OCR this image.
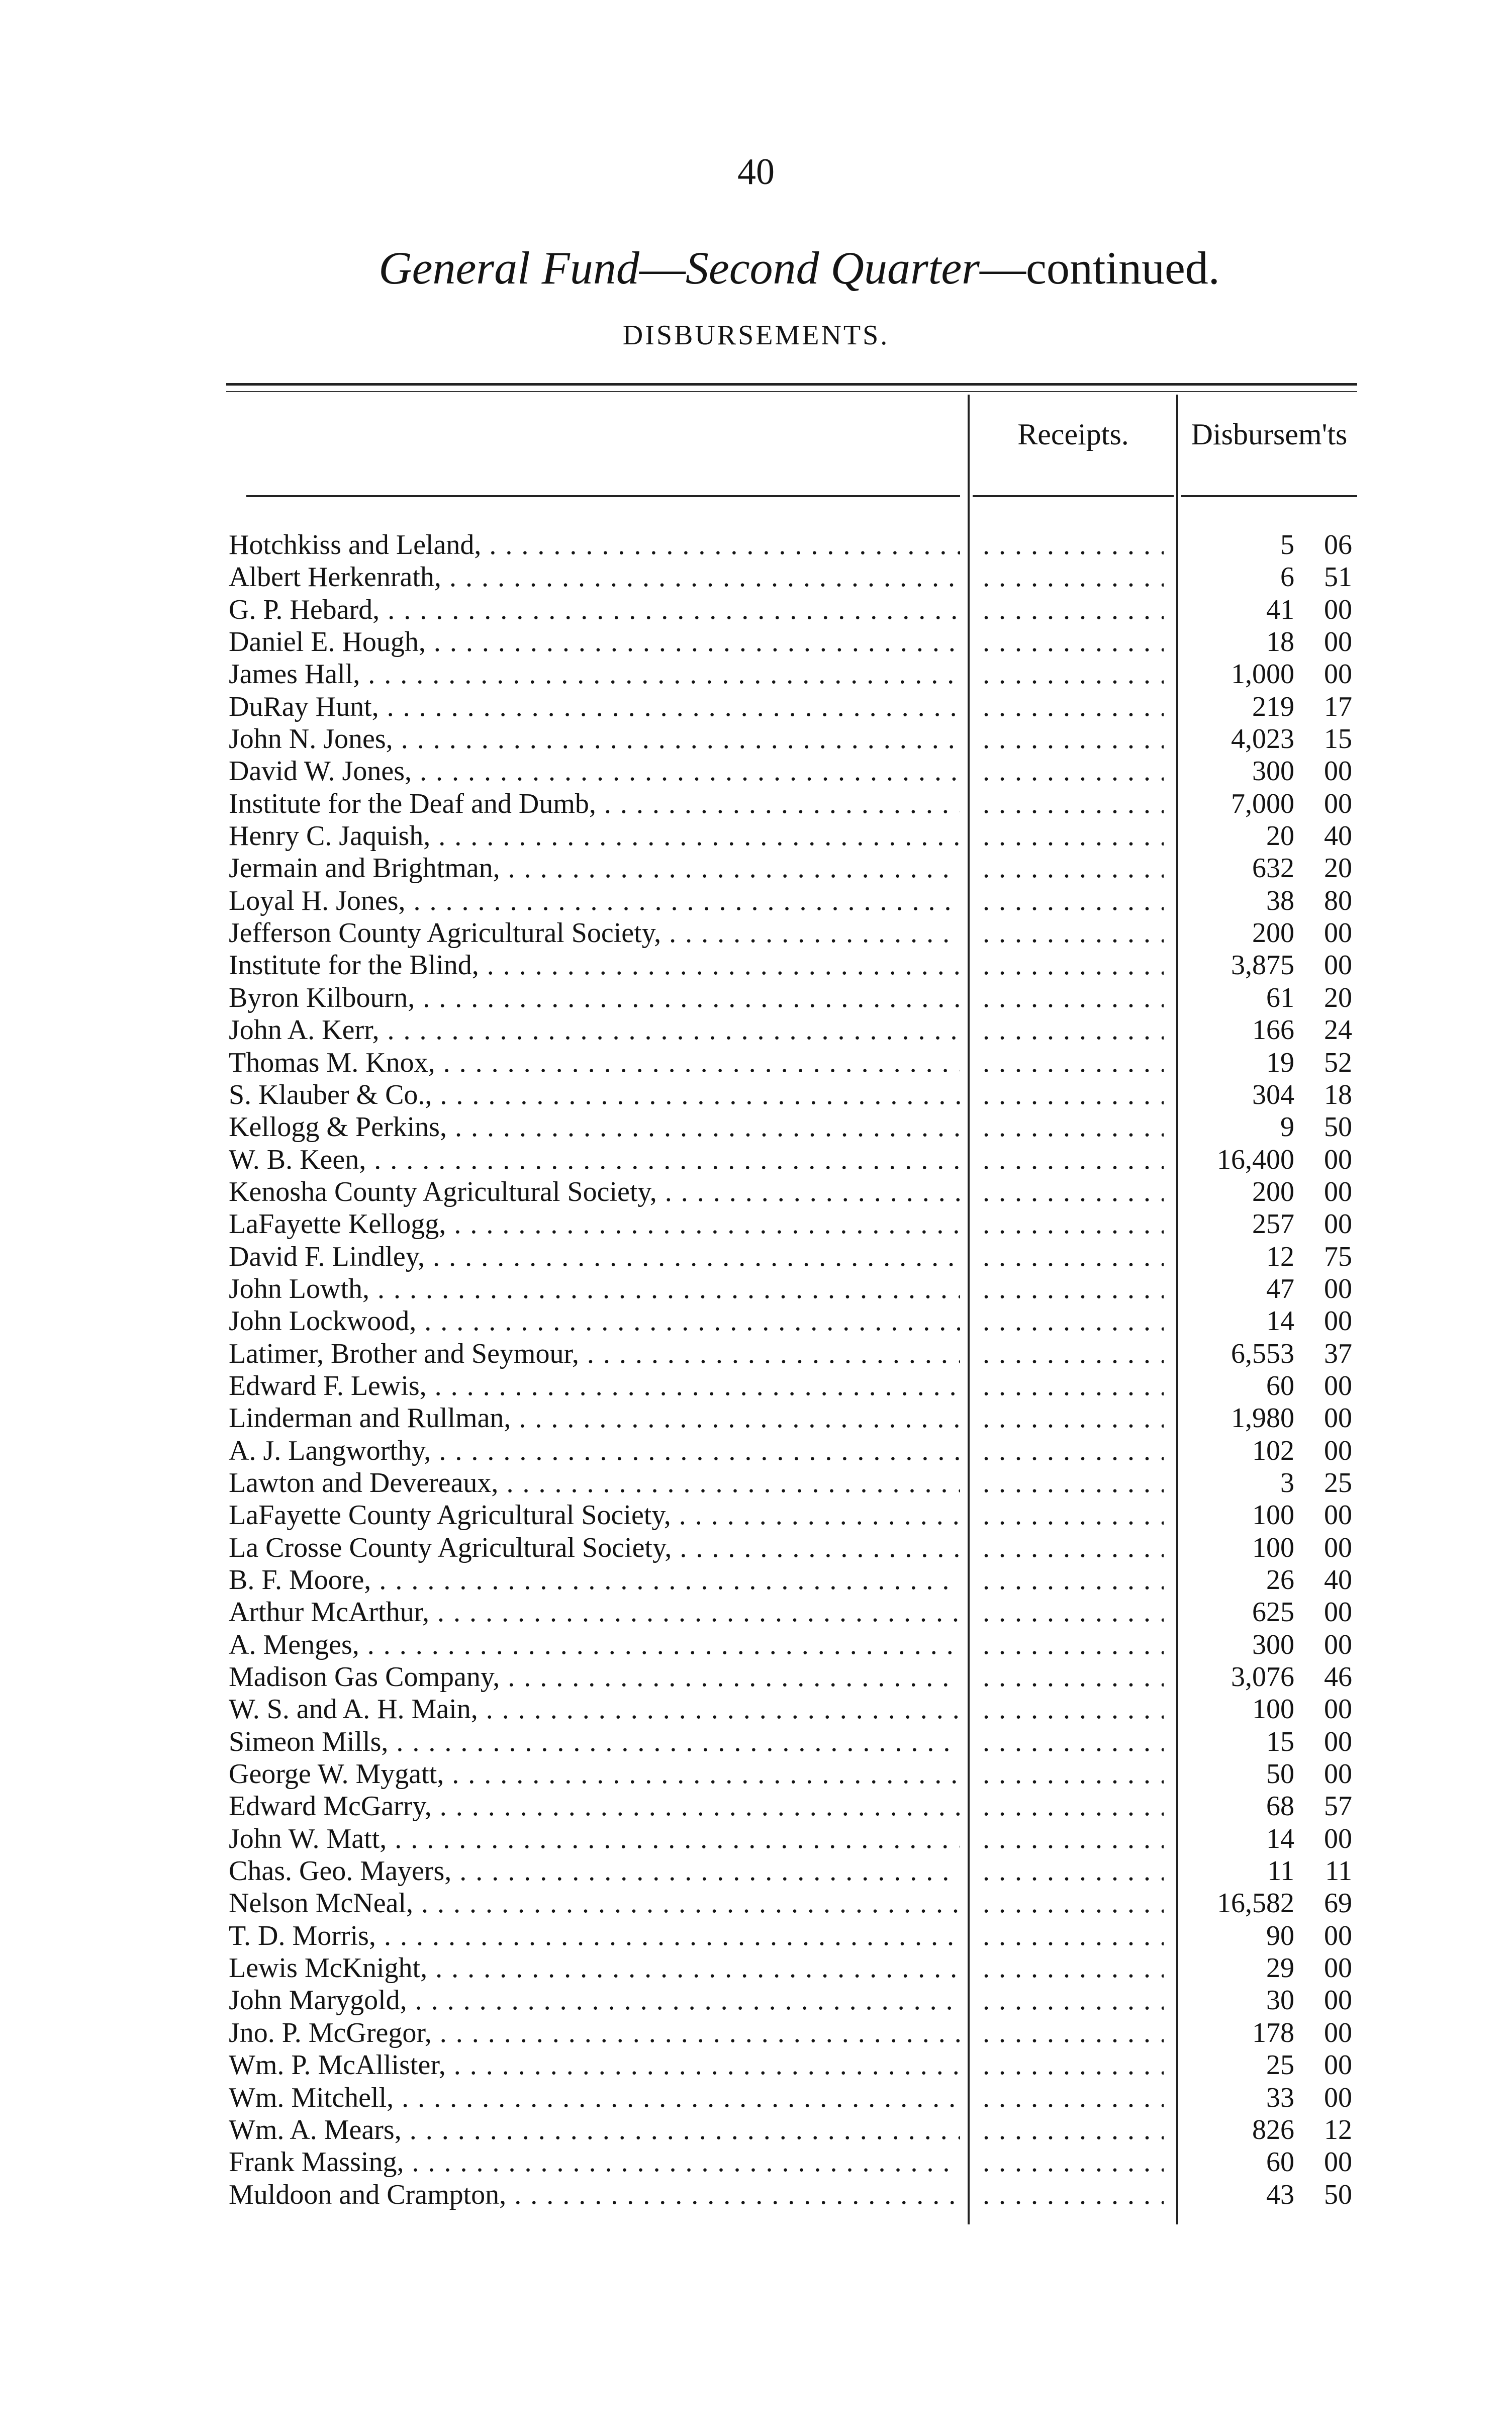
40
General Fund—Second Quarter—continued.
DISBURSEMENTS.
Receipts.	Disbursem'ts
Hotchkiss and Leland, . . . . . .	5	06
Albert Herkenrath, . . . . . .	6	51
G. P. Hebard, . . . . . .	41	00
Daniel E. Hough, . . . . . .	18	00
James Hall, . . . . . .	1,000	00
DuRay Hunt, . . . . . .	219	17
John N. Jones, . . . . . .	4,023	15
David W. Jones, . . . . . .	300	00
Institute for the Deaf and Dumb, . . . . . .	7,000	00
Henry C. Jaquish, . . . . . .	20	40
Jermain and Brightman, . . . . . .	632	20
Loyal H. Jones, . . . . . .	38	80
Jefferson County Agricultural Society, . . . . . .	200	00
Institute for the Blind, . . . . . .	3,875	00
Byron Kilbourn, . . . . . .	61	20
John A. Kerr, . . . . . .	166	24
Thomas M. Knox, . . . . . .	19	52
S. Klauber & Co., . . . . . .	304	18
Kellogg & Perkins, . . . . . .	9	50
W. B. Keen, . . . . . .	16,400	00
Kenosha County Agricultural Society, . . . . . .	200	00
LaFayette Kellogg, . . . . . .	257	00
David F. Lindley, . . . . . .	12	75
John Lowth, . . . . . .	47	00
John Lockwood, . . . . . .	14	00
Latimer, Brother and Seymour, . . . . . .	6,553	37
Edward F. Lewis, . . . . . .	60	00
Linderman and Rullman, . . . . . .	1,980	00
A. J. Langworthy, . . . . . .	102	00
Lawton and Devereaux, . . . . . .	3	25
LaFayette County Agricultural Society, . . . . . .	100	00
La Crosse County Agricultural Society, . . . . . .	100	00
B. F. Moore, . . . . . .	26	40
Arthur McArthur, . . . . . .	625	00
A. Menges, . . . . . .	300	00
Madison Gas Company, . . . . . .	3,076	46
W. S. and A. H. Main, . . . . . .	100	00
Simeon Mills, . . . . . .	15	00
George W. Mygatt, . . . . . .	50	00
Edward McGarry, . . . . . .	68	57
John W. Matt, . . . . . .	14	00
Chas. Geo. Mayers, . . . . . .	11	11
Nelson McNeal, . . . . . .	16,582	69
T. D. Morris, . . . . . .	90	00
Lewis McKnight, . . . . . .	29	00
John Marygold, . . . . . .	30	00
Jno. P. McGregor, . . . . . .	178	00
Wm. P. McAllister, . . . . . .	25	00
Wm. Mitchell, . . . . . .	33	00
Wm. A. Mears, . . . . . .	826	12
Frank Massing, . . . . . .	60	00
Muldoon and Crampton, . . . . . .	43	50
